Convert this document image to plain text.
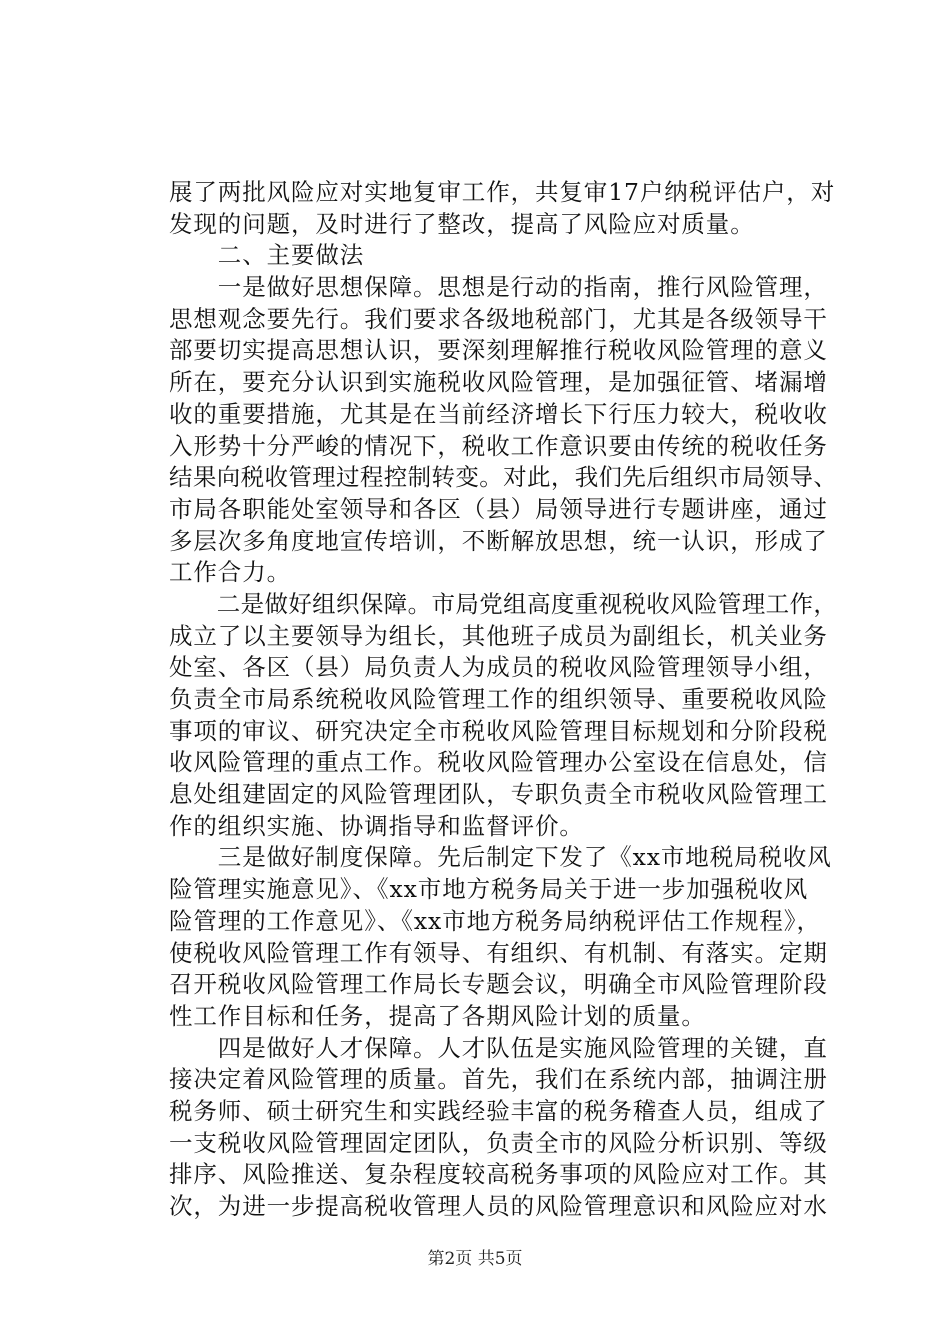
展了两批风险应对实地复审工作，共复审17户纳税评估户，对
发现的问题，及时进行了整改，提高了风险应对质量。
　　二、主要做法
　　一是做好思想保障。思想是行动的指南，推行风险管理，
思想观念要先行。我们要求各级地税部门，尤其是各级领导干
部要切实提高思想认识，要深刻理解推行税收风险管理的意义
所在，要充分认识到实施税收风险管理，是加强征管、堵漏增
收的重要措施，尤其是在当前经济增长下行压力较大，税收收
入形势十分严峻的情况下，税收工作意识要由传统的税收任务
结果向税收管理过程控制转变。对此，我们先后组织市局领导、
市局各职能处室领导和各区（县）局领导进行专题讲座，通过
多层次多角度地宣传培训，不断解放思想，统一认识，形成了
工作合力。
　　二是做好组织保障。市局党组高度重视税收风险管理工作，
成立了以主要领导为组长，其他班子成员为副组长，机关业务
处室、各区（县）局负责人为成员的税收风险管理领导小组，
负责全市局系统税收风险管理工作的组织领导、重要税收风险
事项的审议、研究决定全市税收风险管理目标规划和分阶段税
收风险管理的重点工作。税收风险管理办公室设在信息处，信
息处组建固定的风险管理团队，专职负责全市税收风险管理工
作的组织实施、协调指导和监督评价。
　　三是做好制度保障。先后制定下发了《xx市地税局税收风
险管理实施意见》、《xx市地方税务局关于进一步加强税收风
险管理的工作意见》、《xx市地方税务局纳税评估工作规程》，
使税收风险管理工作有领导、有组织、有机制、有落实。定期
召开税收风险管理工作局长专题会议，明确全市风险管理阶段
性工作目标和任务，提高了各期风险计划的质量。
　　四是做好人才保障。人才队伍是实施风险管理的关键，直
接决定着风险管理的质量。首先，我们在系统内部，抽调注册
税务师、硕士研究生和实践经验丰富的税务稽查人员，组成了
一支税收风险管理固定团队，负责全市的风险分析识别、等级
排序、风险推送、复杂程度较高税务事项的风险应对工作。其
次，为进一步提高税收管理人员的风险管理意识和风险应对水
第2页 共5页
